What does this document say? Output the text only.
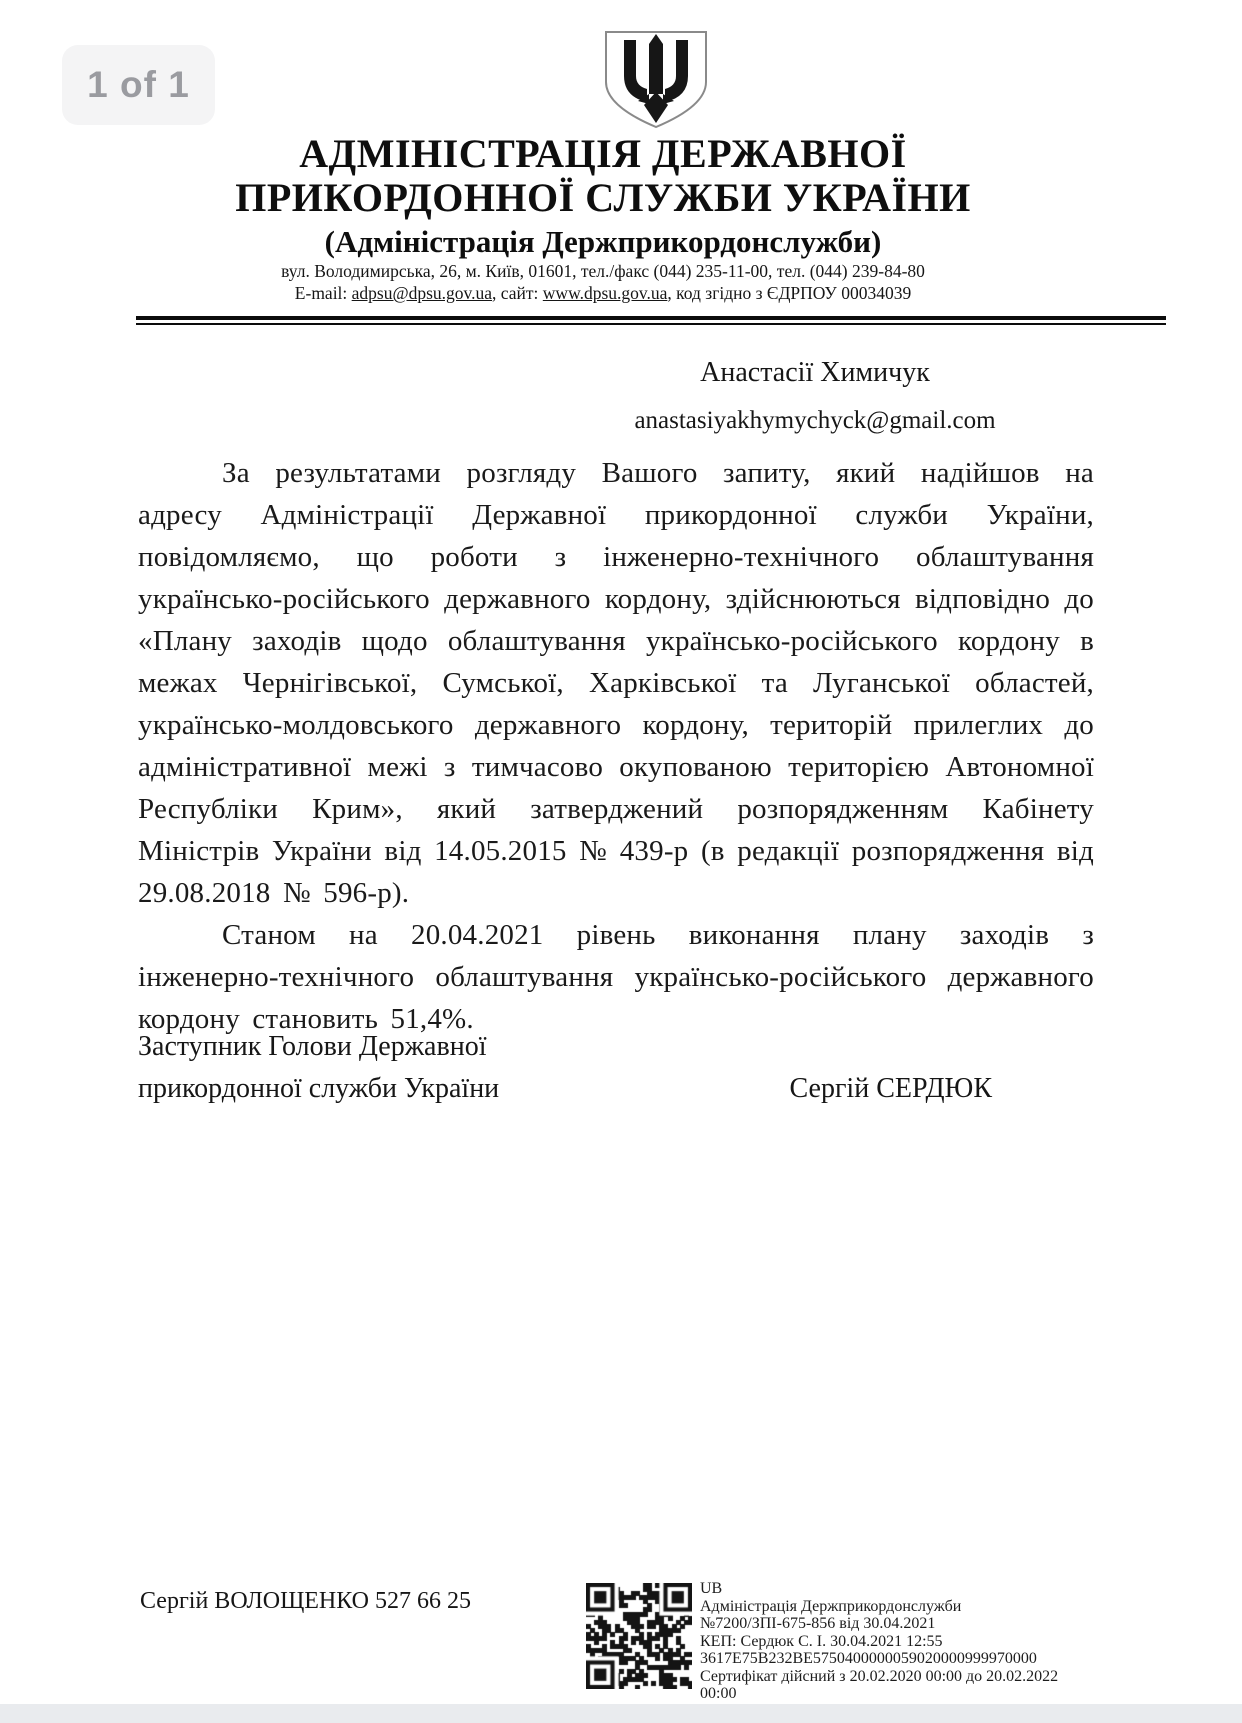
1 of 1
АДМІНІСТРАЦІЯ ДЕРЖАВНОЇ
ПРИКОРДОННОЇ СЛУЖБИ УКРАЇНИ
(Адміністрація Держприкордонслужби)
вул. Володимирська, 26, м. Київ, 01601, тел./факс (044) 235-11-00, тел. (044) 239-84-80
E-mail: adpsu@dpsu.gov.ua, сайт: www.dpsu.gov.ua, код згідно з ЄДРПОУ 00034039
Анастасії Химичук
anastasiyakhymychyck@gmail.com

За результатами розгляду Вашого запиту, який надійшов на адресу Адміністрації Державної прикордонної служби України, повідомляємо, що роботи з інженерно-технічного облаштування українсько-російського державного кордону, здійснюються відповідно до «Плану заходів щодо облаштування українсько-російського кордону в межах Чернігівської, Сумської, Харківської та Луганської областей, українсько-молдовського державного кордону, територій прилеглих до адміністративної межі з тимчасово окупованою територією Автономної Республіки Крим», який затверджений розпорядженням Кабінету Міністрів України від 14.05.2015 № 439-р (в редакції розпорядження від 29.08.2018 № 596-р).

Станом на 20.04.2021 рівень виконання плану заходів з інженерно-технічного облаштування українсько-російського державного кордону становить 51,4%.

Заступник Голови Державної
прикордонної служби України	Сергій СЕРДЮК
Сергій ВОЛОЩЕНКО 527 66 25	UB
Адміністрація Держприкордонслужби
№7200/ЗПІ-675-856 від 30.04.2021
КЕП: Сердюк С. І. 30.04.2021 12:55
3617E75B232BE5750400000059020000999970000
Сертифікат дійсний з 20.02.2020 00:00 до 20.02.2022
00:00
